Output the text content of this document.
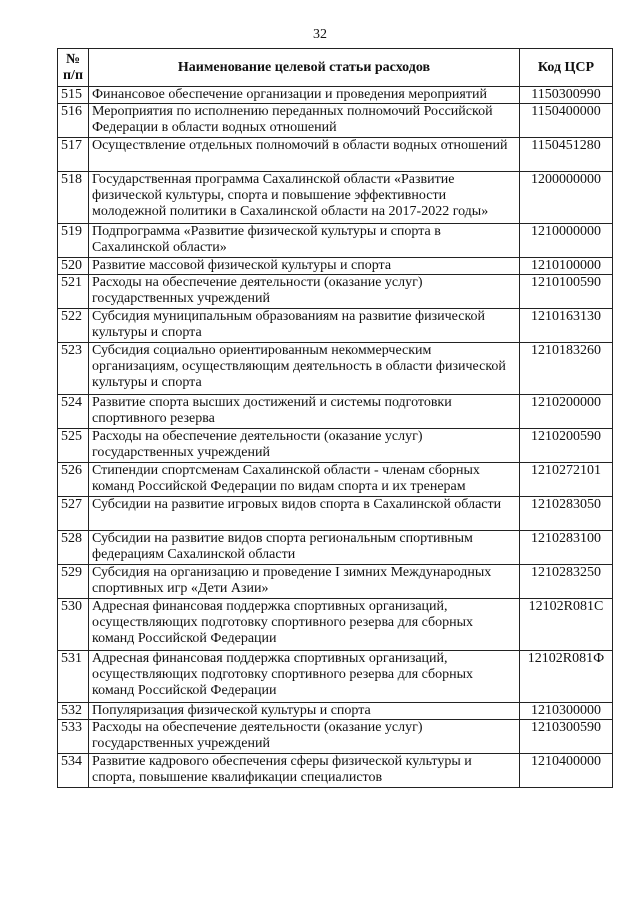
32
№ п/п	Наименование целевой статьи расходов	Код ЦСР
515	Финансовое обеспечение организации и проведения мероприятий	1150300990
516	Мероприятия по исполнению переданных полномочий Российской Федерации в области водных отношений	1150400000
517	Осуществление отдельных полномочий в области водных отношений	1150451280
518	Государственная программа Сахалинской области «Развитие физической культуры, спорта и повышение эффективности молодежной политики в Сахалинской области на 2017-2022 годы»	1200000000
519	Подпрограмма «Развитие физической культуры и спорта в Сахалинской области»	1210000000
520	Развитие массовой физической культуры и спорта	1210100000
521	Расходы на обеспечение деятельности (оказание услуг) государственных учреждений	1210100590
522	Субсидия муниципальным образованиям на развитие физической культуры и спорта	1210163130
523	Субсидия социально ориентированным некоммерческим организациям, осуществляющим деятельность в области физической культуры и спорта	1210183260
524	Развитие спорта высших достижений и системы подготовки спортивного резерва	1210200000
525	Расходы на обеспечение деятельности (оказание услуг) государственных учреждений	1210200590
526	Стипендии спортсменам Сахалинской области - членам сборных команд Российской Федерации по видам спорта и их тренерам	1210272101
527	Субсидии на развитие игровых видов спорта в Сахалинской области	1210283050
528	Субсидии на развитие видов спорта региональным спортивным федерациям Сахалинской области	1210283100
529	Субсидия на организацию и проведение I зимних Международных спортивных игр «Дети Азии»	1210283250
530	Адресная финансовая поддержка спортивных организаций, осуществляющих подготовку спортивного резерва для сборных команд Российской Федерации	12102R081С
531	Адресная финансовая поддержка спортивных организаций, осуществляющих подготовку спортивного резерва для сборных команд Российской Федерации	12102R081Ф
532	Популяризация физической культуры и спорта	1210300000
533	Расходы на обеспечение деятельности (оказание услуг) государственных учреждений	1210300590
534	Развитие кадрового обеспечения сферы физической культуры и спорта, повышение квалификации специалистов	1210400000
